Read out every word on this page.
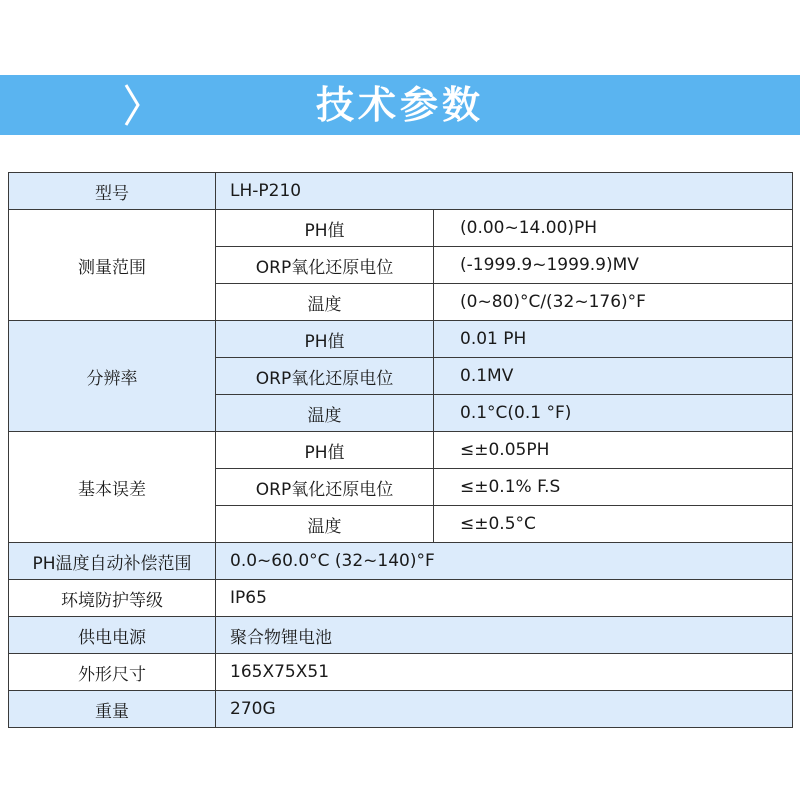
技术参数
型号	LH-P210	
测量范围	PH值	(0.00~14.00)PH
	ORP氧化还原电位	(-1999.9~1999.9)MV
	温度	(0~80)°C/(32~176)°F
分辨率	PH值	0.01 PH
	ORP氧化还原电位	0.1MV
	温度	0.1°C(0.1 °F)
基本误差	PH值	≤±0.05PH
	ORP氧化还原电位	≤±0.1% F.S
	温度	≤±0.5°C
PH温度自动补偿范围	0.0~60.0°C (32~140)°F	
环境防护等级	IP65	
供电电源	聚合物锂电池	
外形尺寸	165X75X51	
重量	270G	
